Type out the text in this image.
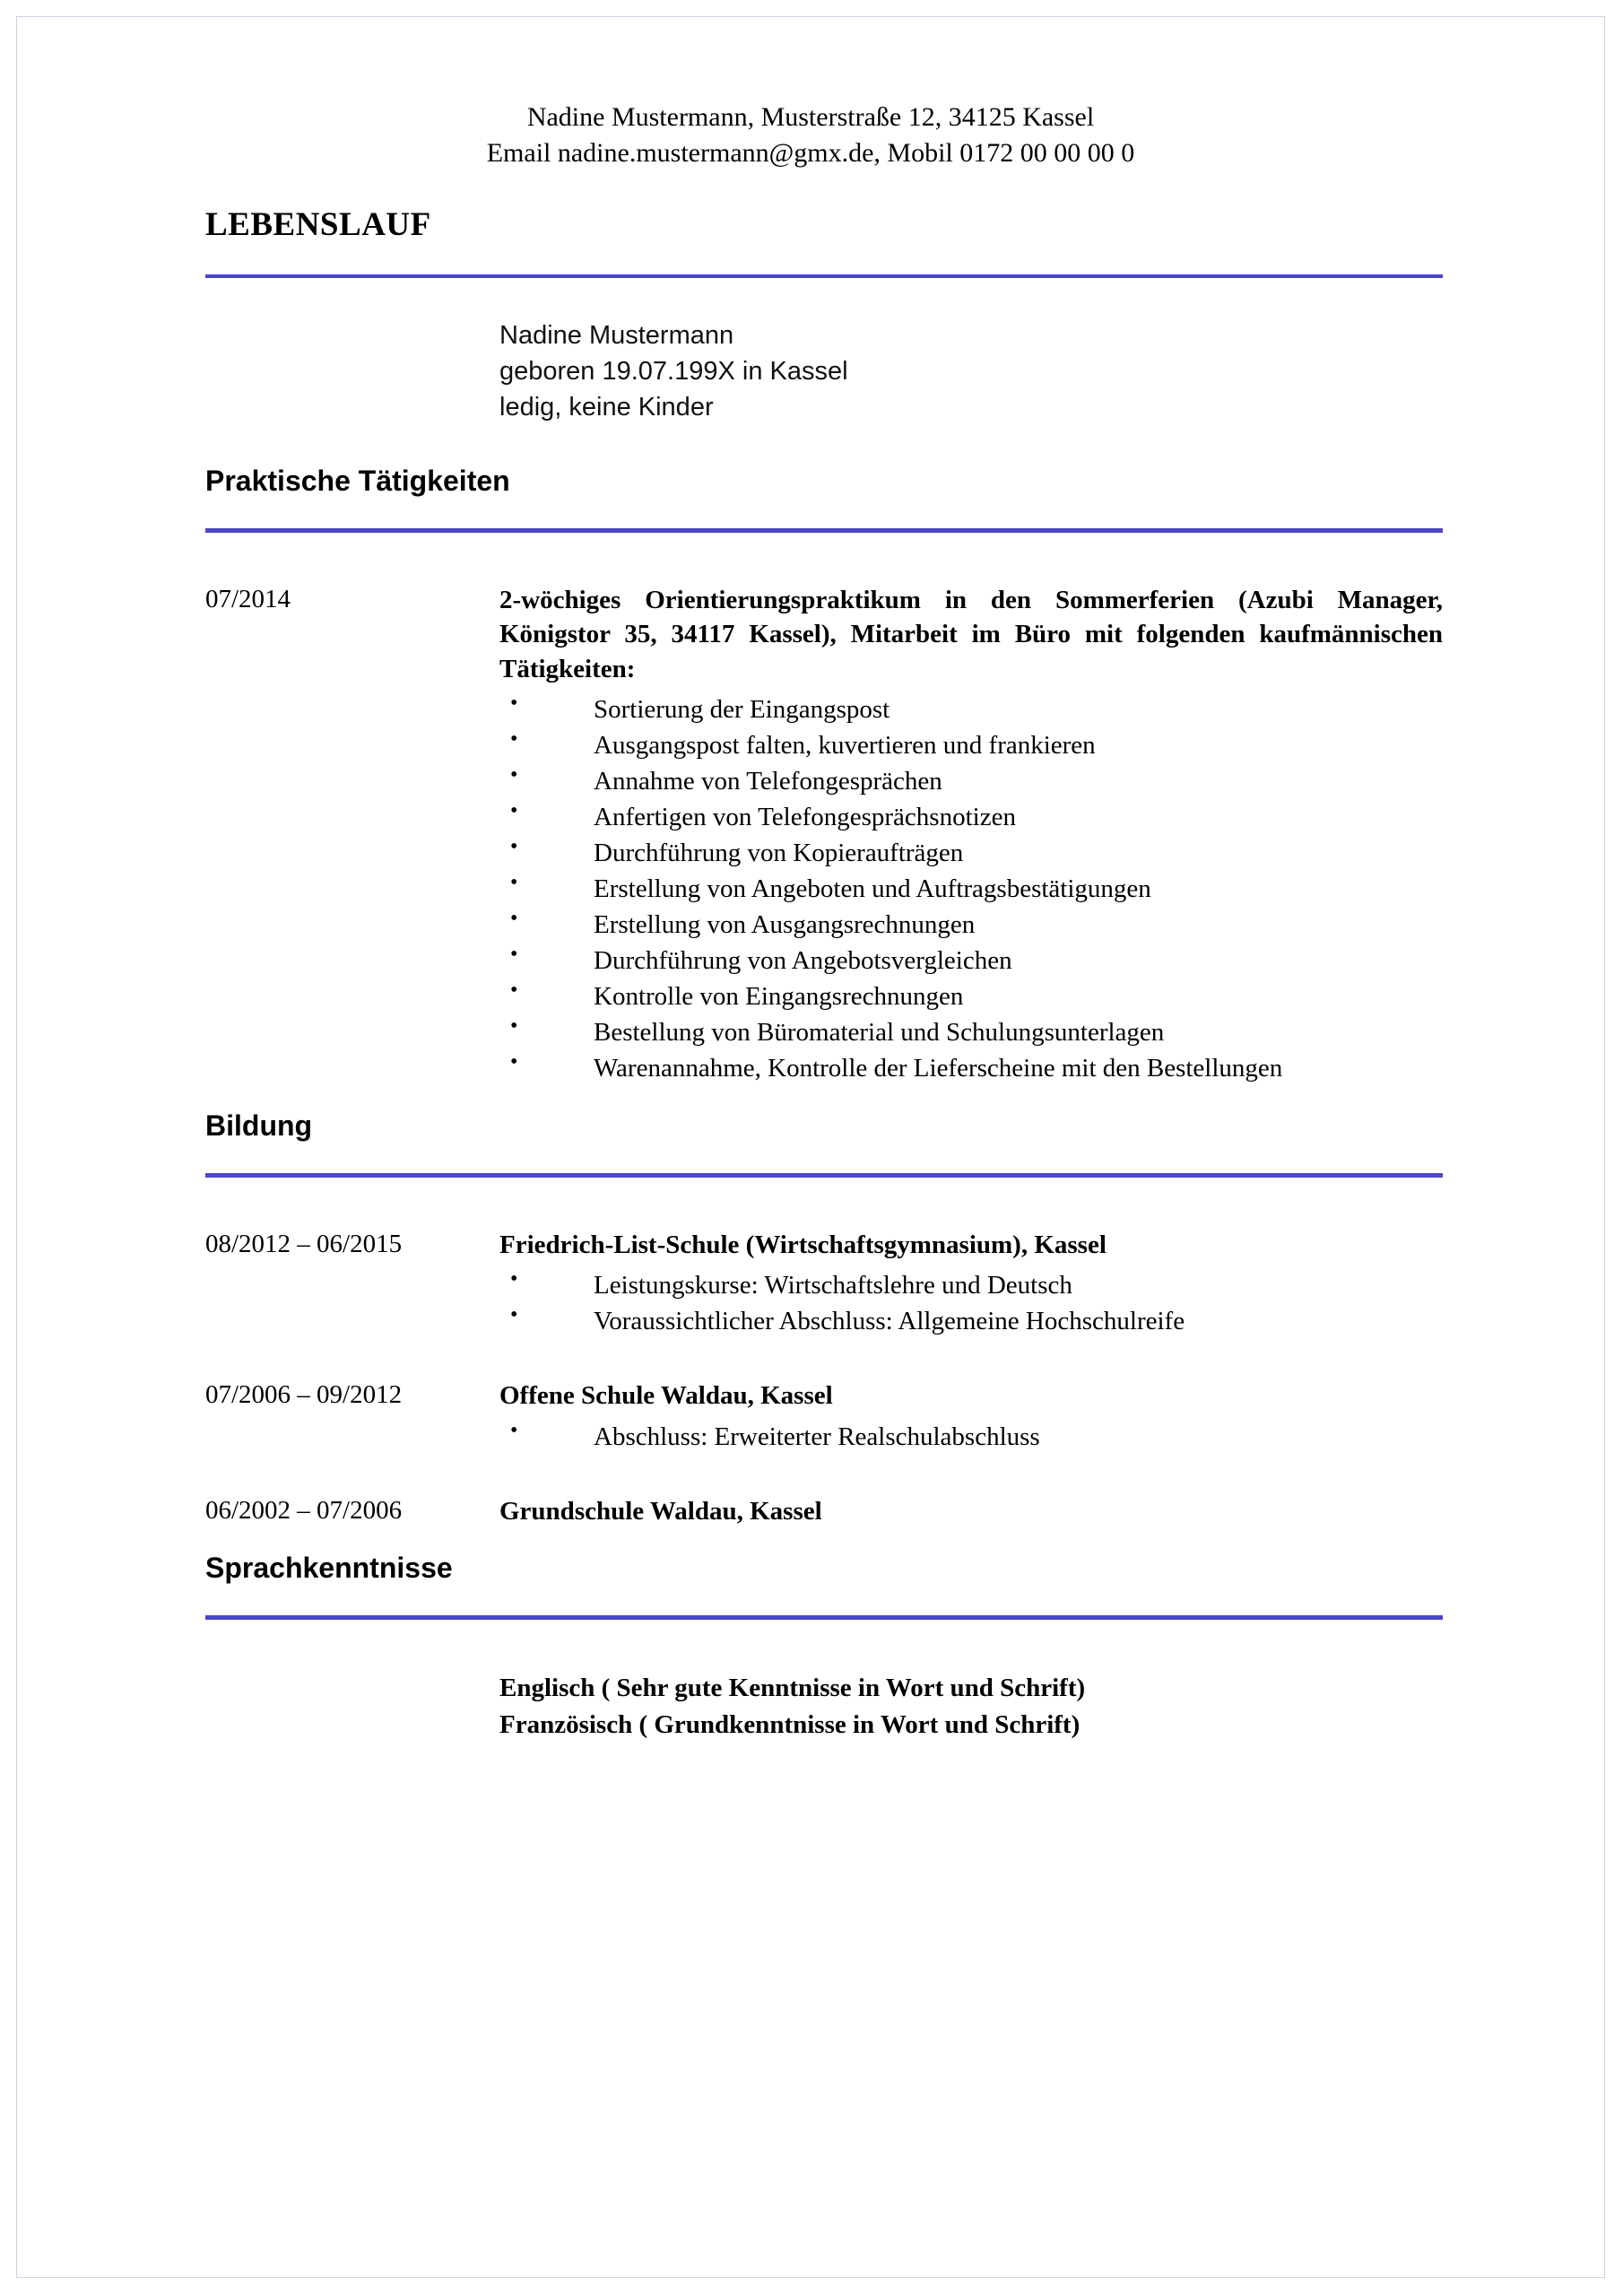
Nadine Mustermann, Musterstraße 12, 34125 Kassel
Email nadine.mustermann@gmx.de, Mobil 0172 00 00 00 0
LEBENSLAUF
Nadine Mustermann
geboren 19.07.199X in Kassel
ledig, keine Kinder
Praktische Tätigkeiten
07/2014	2-wöchiges Orientierungspraktikum in den Sommerferien (Azubi Manager, Königstor 35, 34117 Kassel), Mitarbeit im Büro mit folgenden kaufmännischen Tätigkeiten:
• Sortierung der Eingangspost
• Ausgangspost falten, kuvertieren und frankieren
• Annahme von Telefongesprächen
• Anfertigen von Telefongesprächsnotizen
• Durchführung von Kopieraufträgen
• Erstellung von Angeboten und Auftragsbestätigungen
• Erstellung von Ausgangsrechnungen
• Durchführung von Angebotsvergleichen
• Kontrolle von Eingangsrechnungen
• Bestellung von Büromaterial und Schulungsunterlagen
• Warenannahme, Kontrolle der Lieferscheine mit den Bestellungen
Bildung
08/2012 – 06/2015	Friedrich-List-Schule (Wirtschaftsgymnasium), Kassel
• Leistungskurse: Wirtschaftslehre und Deutsch
• Voraussichtlicher Abschluss: Allgemeine Hochschulreife
07/2006 – 09/2012	Offene Schule Waldau, Kassel
• Abschluss: Erweiterter Realschulabschluss
06/2002 – 07/2006	Grundschule Waldau, Kassel
Sprachkenntnisse
Englisch ( Sehr gute Kenntnisse in Wort und Schrift)
Französisch ( Grundkenntnisse in Wort und Schrift)
